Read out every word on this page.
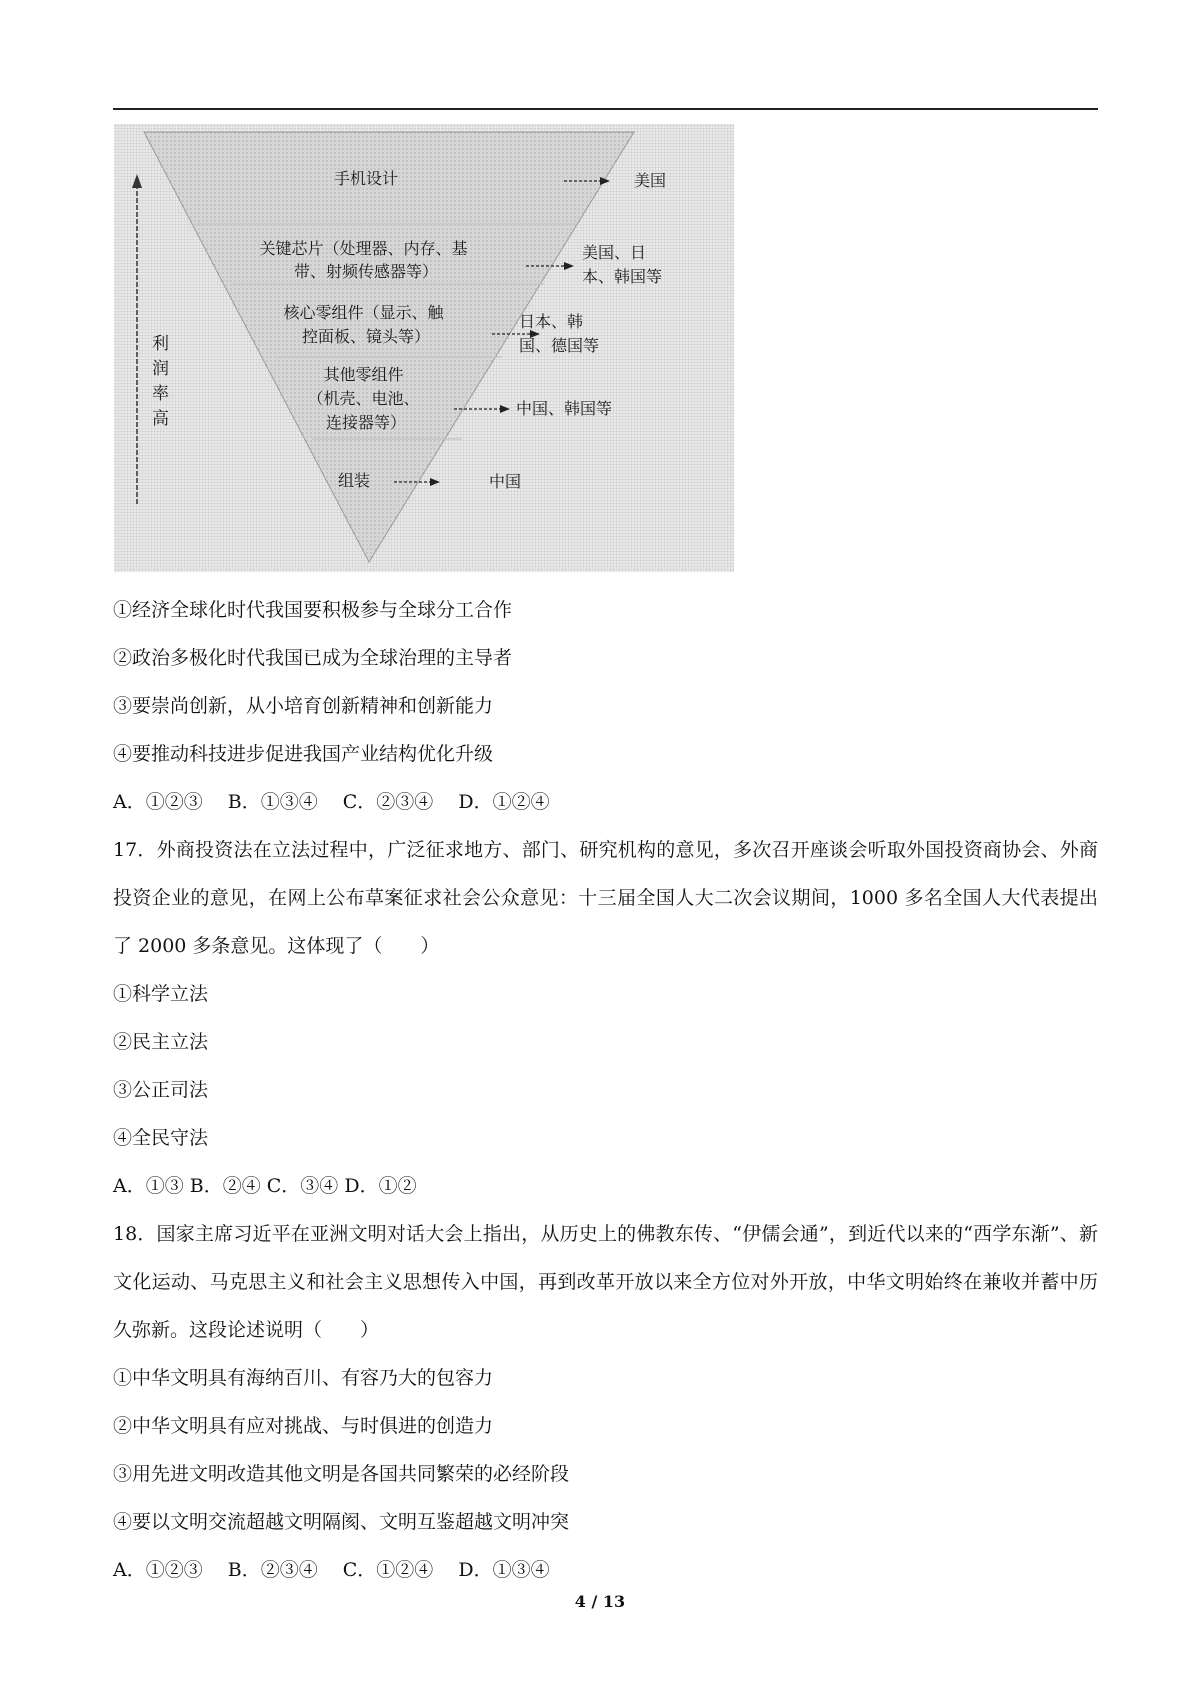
利 润 率 高
手机设计
关键芯片（处理器、内存、基 带、射频传感器等）
核心零组件（显示、触 控面板、镜头等）
其他零组件 （机壳、电池、 连接器等）
组装
美国
美国、日 本、韩国等
日本、韩 国、德国等
中国、韩国等
中国
①经济全球化时代我国要积极参与全球分工合作
②政治多极化时代我国已成为全球治理的主导者
③要崇尚创新，从小培育创新精神和创新能力
④要推动科技进步促进我国产业结构优化升级
A．①②③　 B．①③④　 C．②③④　 D．①②④
17．外商投资法在立法过程中，广泛征求地方、部门、研究机构的意见，多次召开座谈会听取外国投资商协会、外商投资企业的意见，在网上公布草案征求社会公众意见：十三届全国人大二次会议期间，1000 多名全国人大代表提出了 2000 多条意见。这体现了（　　）
①科学立法
②民主立法
③公正司法
④全民守法
A．①③ B．②④ C．③④ D．①②
18．国家主席习近平在亚洲文明对话大会上指出，从历史上的佛教东传、“伊儒会通”，到近代以来的“西学东渐”、新文化运动、马克思主义和社会主义思想传入中国，再到改革开放以来全方位对外开放，中华文明始终在兼收并蓄中历久弥新。这段论述说明（　　）
①中华文明具有海纳百川、有容乃大的包容力
②中华文明具有应对挑战、与时俱进的创造力
③用先进文明改造其他文明是各国共同繁荣的必经阶段
④要以文明交流超越文明隔阂、文明互鉴超越文明冲突
A．①②③　 B．②③④　 C．①②④　 D．①③④
4 / 13
